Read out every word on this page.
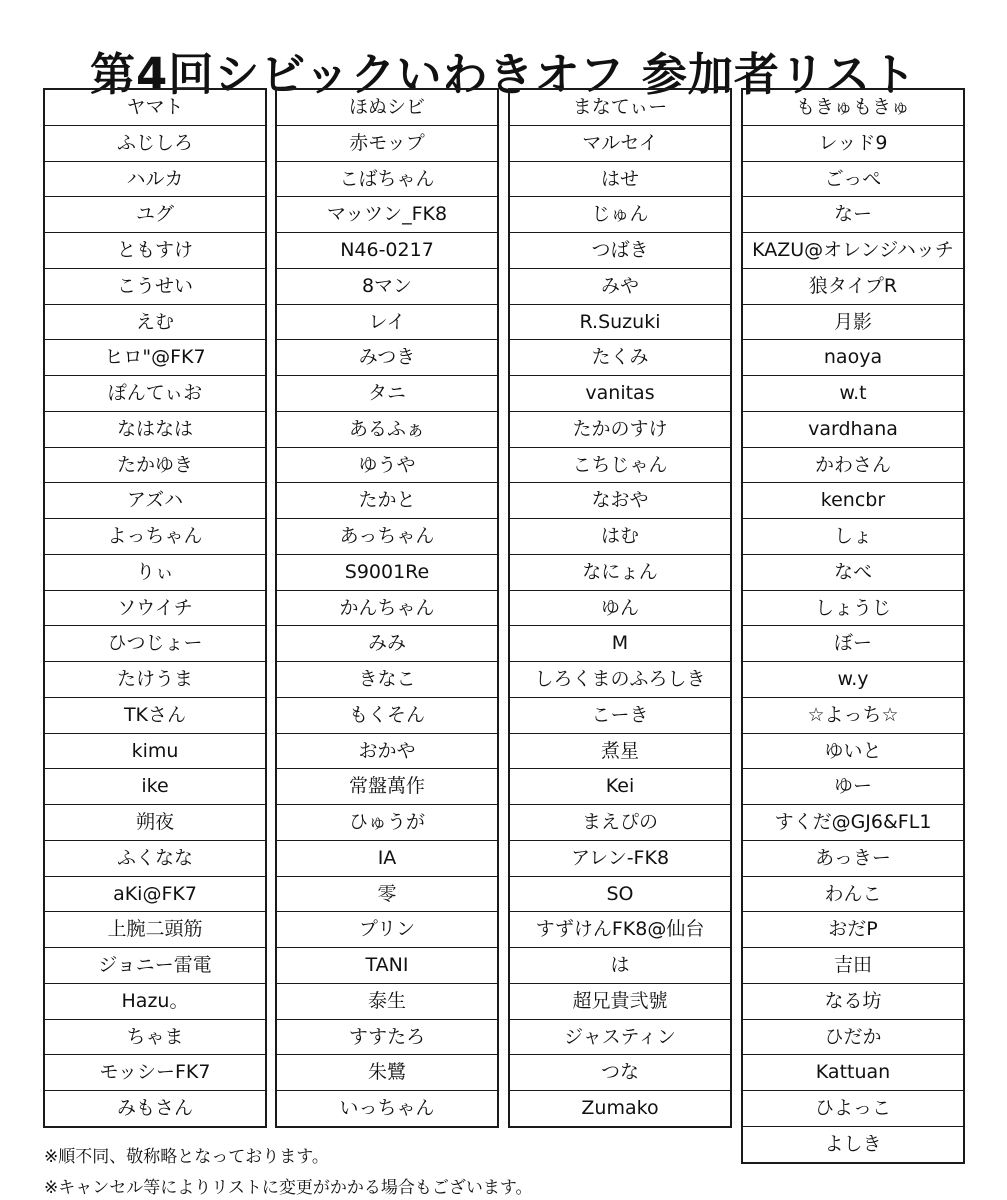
第4回シビックいわきオフ 参加者リスト
ヤマト
ふじしろ
ハルカ
ユグ
ともすけ
こうせい
えむ
ヒロ"@FK7
ぽんてぃお
なはなは
たかゆき
アズハ
よっちゃん
りぃ
ソウイチ
ひつじょー
たけうま
TKさん
kimu
ike
朔夜
ふくなな
aKi@FK7
上腕二頭筋
ジョニー雷電
Hazu。
ちゃま
モッシーFK7
みもさん
ほぬシビ
赤モップ
こばちゃん
マッツン_FK8
N46-0217
8マン
レイ
みつき
タニ
あるふぁ
ゆうや
たかと
あっちゃん
S9001Re
かんちゃん
みみ
きなこ
もくそん
おかや
常盤萬作
ひゅうが
IA
零
プリン
TANI
泰生
すすたろ
朱鷺
いっちゃん
まなてぃー
マルセイ
はせ
じゅん
つばき
みや
R.Suzuki
たくみ
vanitas
たかのすけ
こちじゃん
なおや
はむ
なにょん
ゆん
M
しろくまのふろしき
こーき
煮星
Kei
まえぴの
アレン-FK8
SO
すずけんFK8@仙台
は
超兄貴弐號
ジャスティン
つな
Zumako
もきゅもきゅ
レッド9
ごっぺ
なー
KAZU@オレンジハッチ
狼タイプR
月影
naoya
w.t
vardhana
かわさん
kencbr
しょ
なべ
しょうじ
ぼー
w.y
☆よっち☆
ゆいと
ゆー
すくだ@GJ6&FL1
あっきー
わんこ
おだP
吉田
なる坊
ひだか
Kattuan
ひよっこ
よしき

※順不同、敬称略となっております。

※キャンセル等によりリストに変更がかかる場合もございます。
